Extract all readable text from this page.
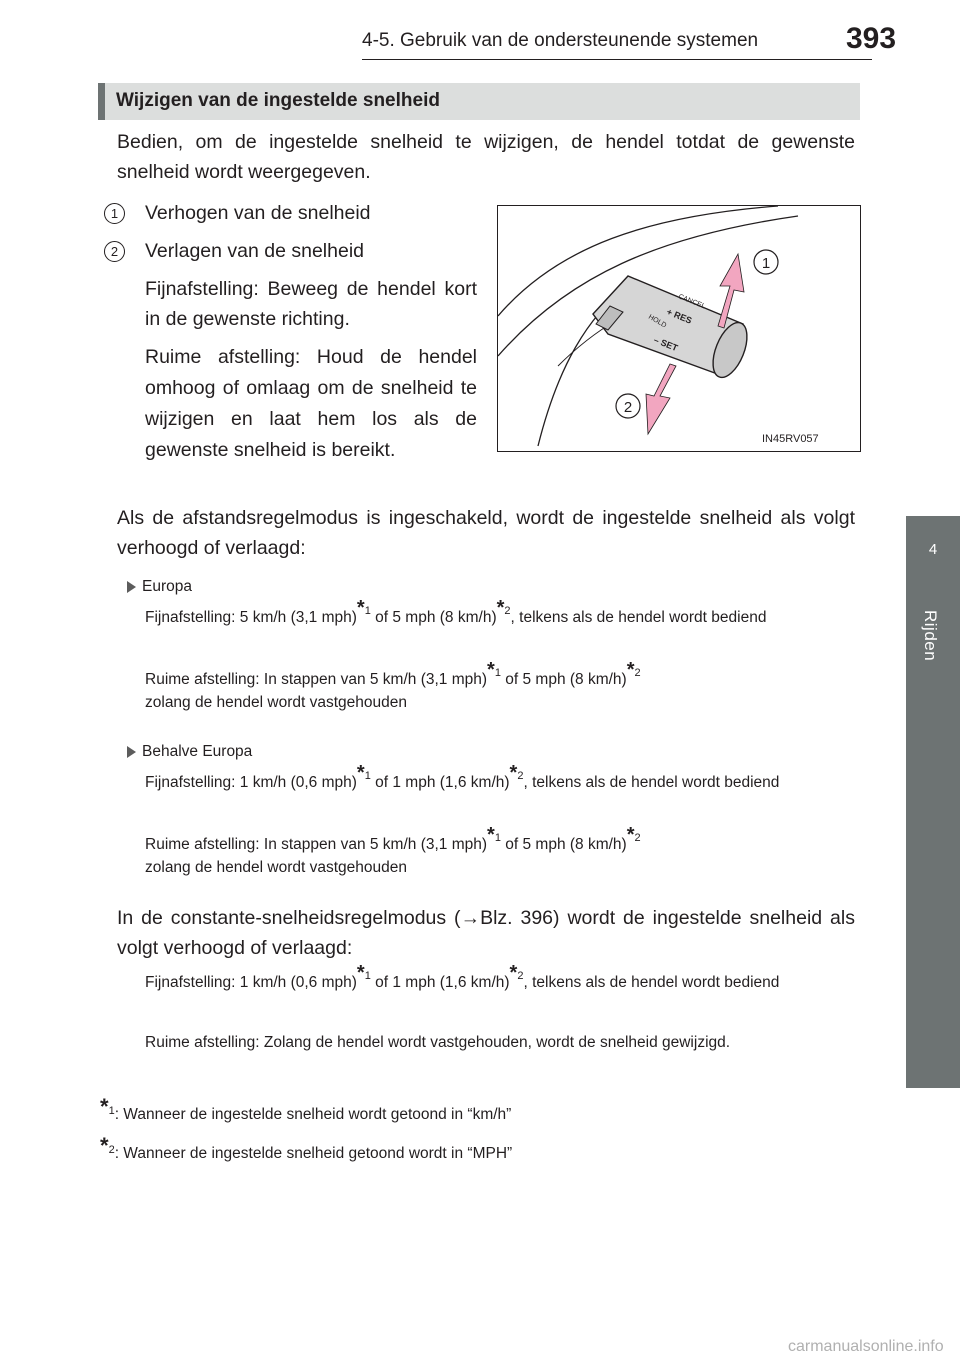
4-5. Gebruik van de ondersteunende systemen	393
4
Rijden
Wijzigen van de ingestelde snelheid
Bedien, om de ingestelde snelheid te wijzigen, de hendel totdat de gewenste snelheid wordt weergegeven.
1	Verhogen van de snelheid
2	Verlagen van de snelheid
Fijnafstelling: Beweeg de hendel kort in de gewenste richting.
Ruime afstelling: Houd de hendel omhoog of omlaag om de snelheid te wijzigen en laat hem los als de gewenste snelheid is bereikt.
CANCEL
+ RES
– SET
HOLD
1
2
IN45RV057
Als de afstandsregelmodus is ingeschakeld, wordt de ingestelde snelheid als volgt verhoogd of verlaagd:
Europa
Fijnafstelling: 5 km/h (3,1 mph)$^{*1}$ of 5 mph (8 km/h)$^{*2}$, telkens als de hendel wordt bediend
Ruime afstelling: In stappen van 5 km/h (3,1 mph)$^{*1}$ of 5 mph (8 km/h)$^{*2}$
zolang de hendel wordt vastgehouden
Behalve Europa
Fijnafstelling: 1 km/h (0,6 mph)$^{*1}$ of 1 mph (1,6 km/h)$^{*2}$, telkens als de hendel wordt bediend
Ruime afstelling: In stappen van 5 km/h (3,1 mph)$^{*1}$ of 5 mph (8 km/h)$^{*2}$
zolang de hendel wordt vastgehouden
In de constante-snelheidsregelmodus (→Blz. 396) wordt de ingestelde snelheid als volgt verhoogd of verlaagd:
Fijnafstelling: 1 km/h (0,6 mph)$^{*1}$ of 1 mph (1,6 km/h)$^{*2}$, telkens als de hendel wordt bediend
Ruime afstelling: Zolang de hendel wordt vastgehouden, wordt de snelheid gewijzigd.
$^{*1}$: Wanneer de ingestelde snelheid wordt getoond in “km/h”
$^{*2}$: Wanneer de ingestelde snelheid getoond wordt in “MPH”
carmanualsonline.info
